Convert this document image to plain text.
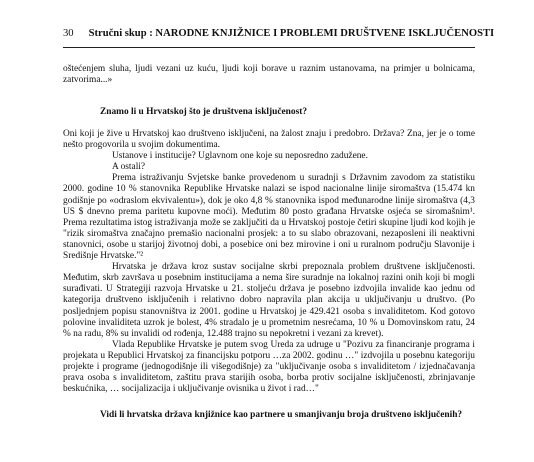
30 Stručni skup : NARODNE KNJIŽNICE I PROBLEMI DRUŠTVENE ISKLJUČENOSTI

oštećenjem sluha, ljudi vezani uz kuću, ljudi koji borave u raznim ustanovama, na primjer u bolnicama, zatvorima...»

Znamo li u Hrvatskoj što je društvena isključenost?

Oni koji je žive u Hrvatskoj kao društveno isključeni, na žalost znaju i predobro. Država? Zna, jer je o tome nešto progovorila u svojim dokumentima.

Ustanove i institucije? Uglavnom one koje su neposredno zadužene.

A ostali?

Prema istraživanju Svjetske banke provedenom u suradnji s Državnim zavodom za statistiku 2000. godine 10 % stanovnika Republike Hrvatske nalazi se ispod nacionalne linije siromaštva (15.474 kn godišnje po «odraslom ekvivalentu»), dok je oko 4,8 % stanovnika ispod međunarodne linije siromaštva (4,3 US $ dnevno prema paritetu kupovne moći). Međutim 80 posto građana Hrvatske osjeća se siromašnim¹. Prema rezultatima istog istraživanja može se zaključiti da u Hrvatskoj postoje četiri skupine ljudi kod kojih je "rizik siromaštva značajno premašio nacionalni prosjek: a to su slabo obrazovani, nezaposleni ili neaktivni stanovnici, osobe u starijoj životnoj dobi, a posebice oni bez mirovine i oni u ruralnom području Slavonije i Središnje Hrvatske."²

Hrvatska je država kroz sustav socijalne skrbi prepoznala problem društvene isključenosti. Međutim, skrb završava u posebnim institucijama a nema šire suradnje na lokalnoj razini onih koji bi mogli surađivati. U Strategiji razvoja Hrvatske u 21. stoljeću država je posebno izdvojila invalide kao jednu od kategorija društveno isključenih i relativno dobro napravila plan akcija u uključivanju u društvo. (Po posljednjem popisu stanovništva iz 2001. godine u Hrvatskoj je 429.421 osoba s invaliditetom. Kod gotovo polovine invaliditeta uzrok je bolest, 4% stradalo je u prometnim nesrećama, 10 % u Domovinskom ratu, 24 % na radu, 8% su invalidi od rođenja, 12.488 trajno su nepokretni i vezani za krevet).

Vlada Republike Hrvatske je putem svog Ureda za udruge u "Pozivu za financiranje programa i projekata u Republici Hrvatskoj za financijsku potporu …za 2002. godinu …" izdvojila u posebnu kategoriju projekte i programe (jednogodišnje ili višegodišnje) za "uključivanje osoba s invaliditetom / izjednačavanja prava osoba s invaliditetom, zaštitu prava starijih osoba, borba protiv socijalne isključenosti, zbrinjavanje beskućnika, … socijalizacija i uključivanje ovisnika u život i rad…"

Vidi li hrvatska država knjižnice kao partnere u smanjivanju broja društveno isključenih?
